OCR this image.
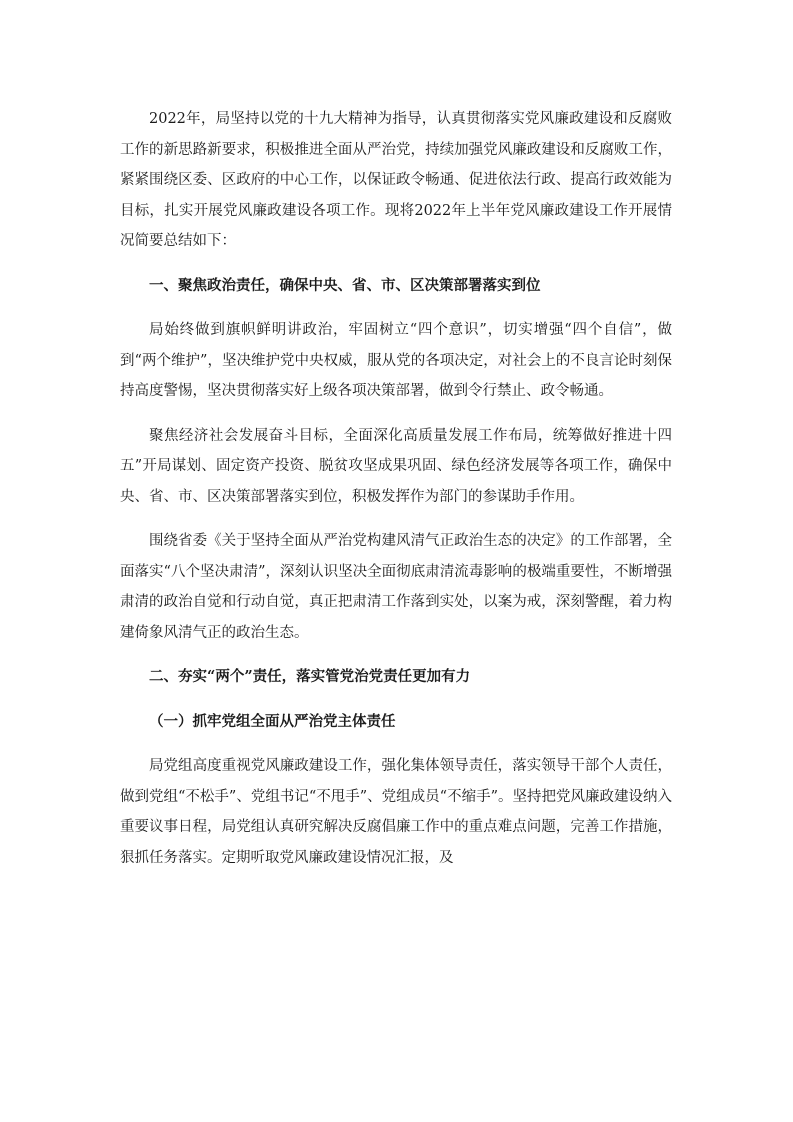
2022年，局坚持以党的十九大精神为指导，认真贯彻落实党风廉政建设和反腐败工作的新思路新要求，积极推进全面从严治党，持续加强党风廉政建设和反腐败工作，紧紧围绕区委、区政府的中心工作，以保证政令畅通、促进依法行政、提高行政效能为目标，扎实开展党风廉政建设各项工作。现将2022年上半年党风廉政建设工作开展情况简要总结如下：

一、聚焦政治责任，确保中央、省、市、区决策部署落实到位

局始终做到旗帜鲜明讲政治，牢固树立“四个意识”，切实增强“四个自信”，做到“两个维护”，坚决维护党中央权威，服从党的各项决定，对社会上的不良言论时刻保持高度警惕，坚决贯彻落实好上级各项决策部署，做到令行禁止、政令畅通。

聚焦经济社会发展奋斗目标，全面深化高质量发展工作布局，统筹做好推进十四五”开局谋划、固定资产投资、脱贫攻坚成果巩固、绿色经济发展等各项工作，确保中央、省、市、区决策部署落实到位，积极发挥作为部门的参谋助手作用。

围绕省委《关于坚持全面从严治党构建风清气正政治生态的决定》的工作部署，全面落实“八个坚决肃清”，深刻认识坚决全面彻底肃清流毒影响的极端重要性，不断增强肃清的政治自觉和行动自觉，真正把肃清工作落到实处，以案为戒，深刻警醒，着力构建倚象风清气正的政治生态。

二、夯实“两个”责任，落实管党治党责任更加有力

（一）抓牢党组全面从严治党主体责任

局党组高度重视党风廉政建设工作，强化集体领导责任，落实领导干部个人责任，做到党组“不松手”、党组书记“不甩手”、党组成员“不缩手”。坚持把党风廉政建设纳入重要议事日程，局党组认真研究解决反腐倡廉工作中的重点难点问题，完善工作措施，狠抓任务落实。定期听取党风廉政建设情况汇报，及
